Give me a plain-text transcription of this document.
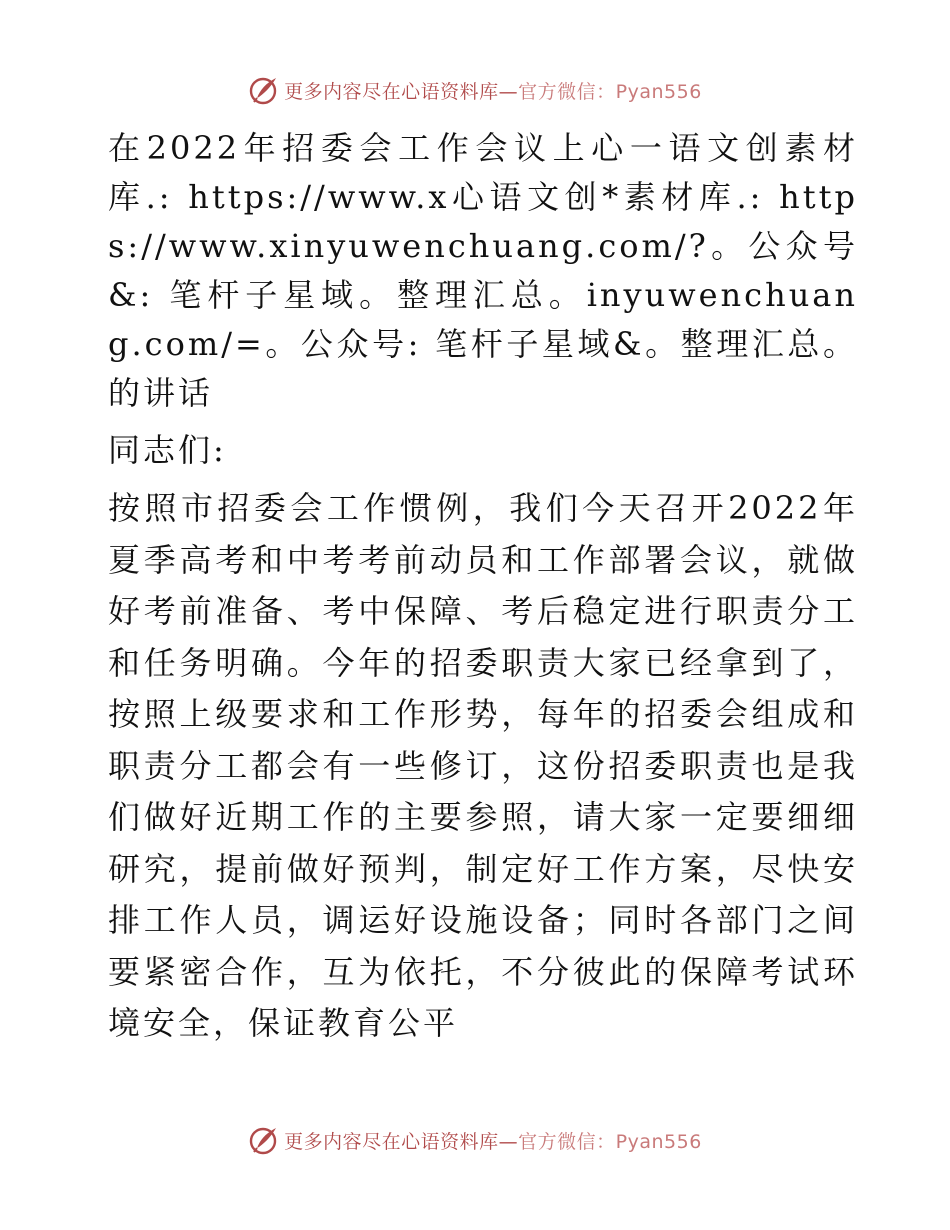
更多内容尽在心语资料库—官方微信：Pyan556

在2022年招委会工作会议上心一语文创素材库.: https://www.x心语文创*素材库.: https://www.xinyuwenchuang.com/?。公众号&: 笔杆子星域。整理汇总。inyuwenchuang.com/=。公众号: 笔杆子星域&。整理汇总。的讲话

同志们:

按照市招委会工作惯例，我们今天召开2022年夏季高考和中考考前动员和工作部署会议，就做好考前准备、考中保障、考后稳定进行职责分工和任务明确。今年的招委职责大家已经拿到了，按照上级要求和工作形势，每年的招委会组成和职责分工都会有一些修订，这份招委职责也是我们做好近期工作的主要参照，请大家一定要细细研究，提前做好预判，制定好工作方案，尽快安排工作人员，调运好设施设备；同时各部门之间要紧密合作，互为依托，不分彼此的保障考试环境安全，保证教育公平

更多内容尽在心语资料库—官方微信：Pyan556
